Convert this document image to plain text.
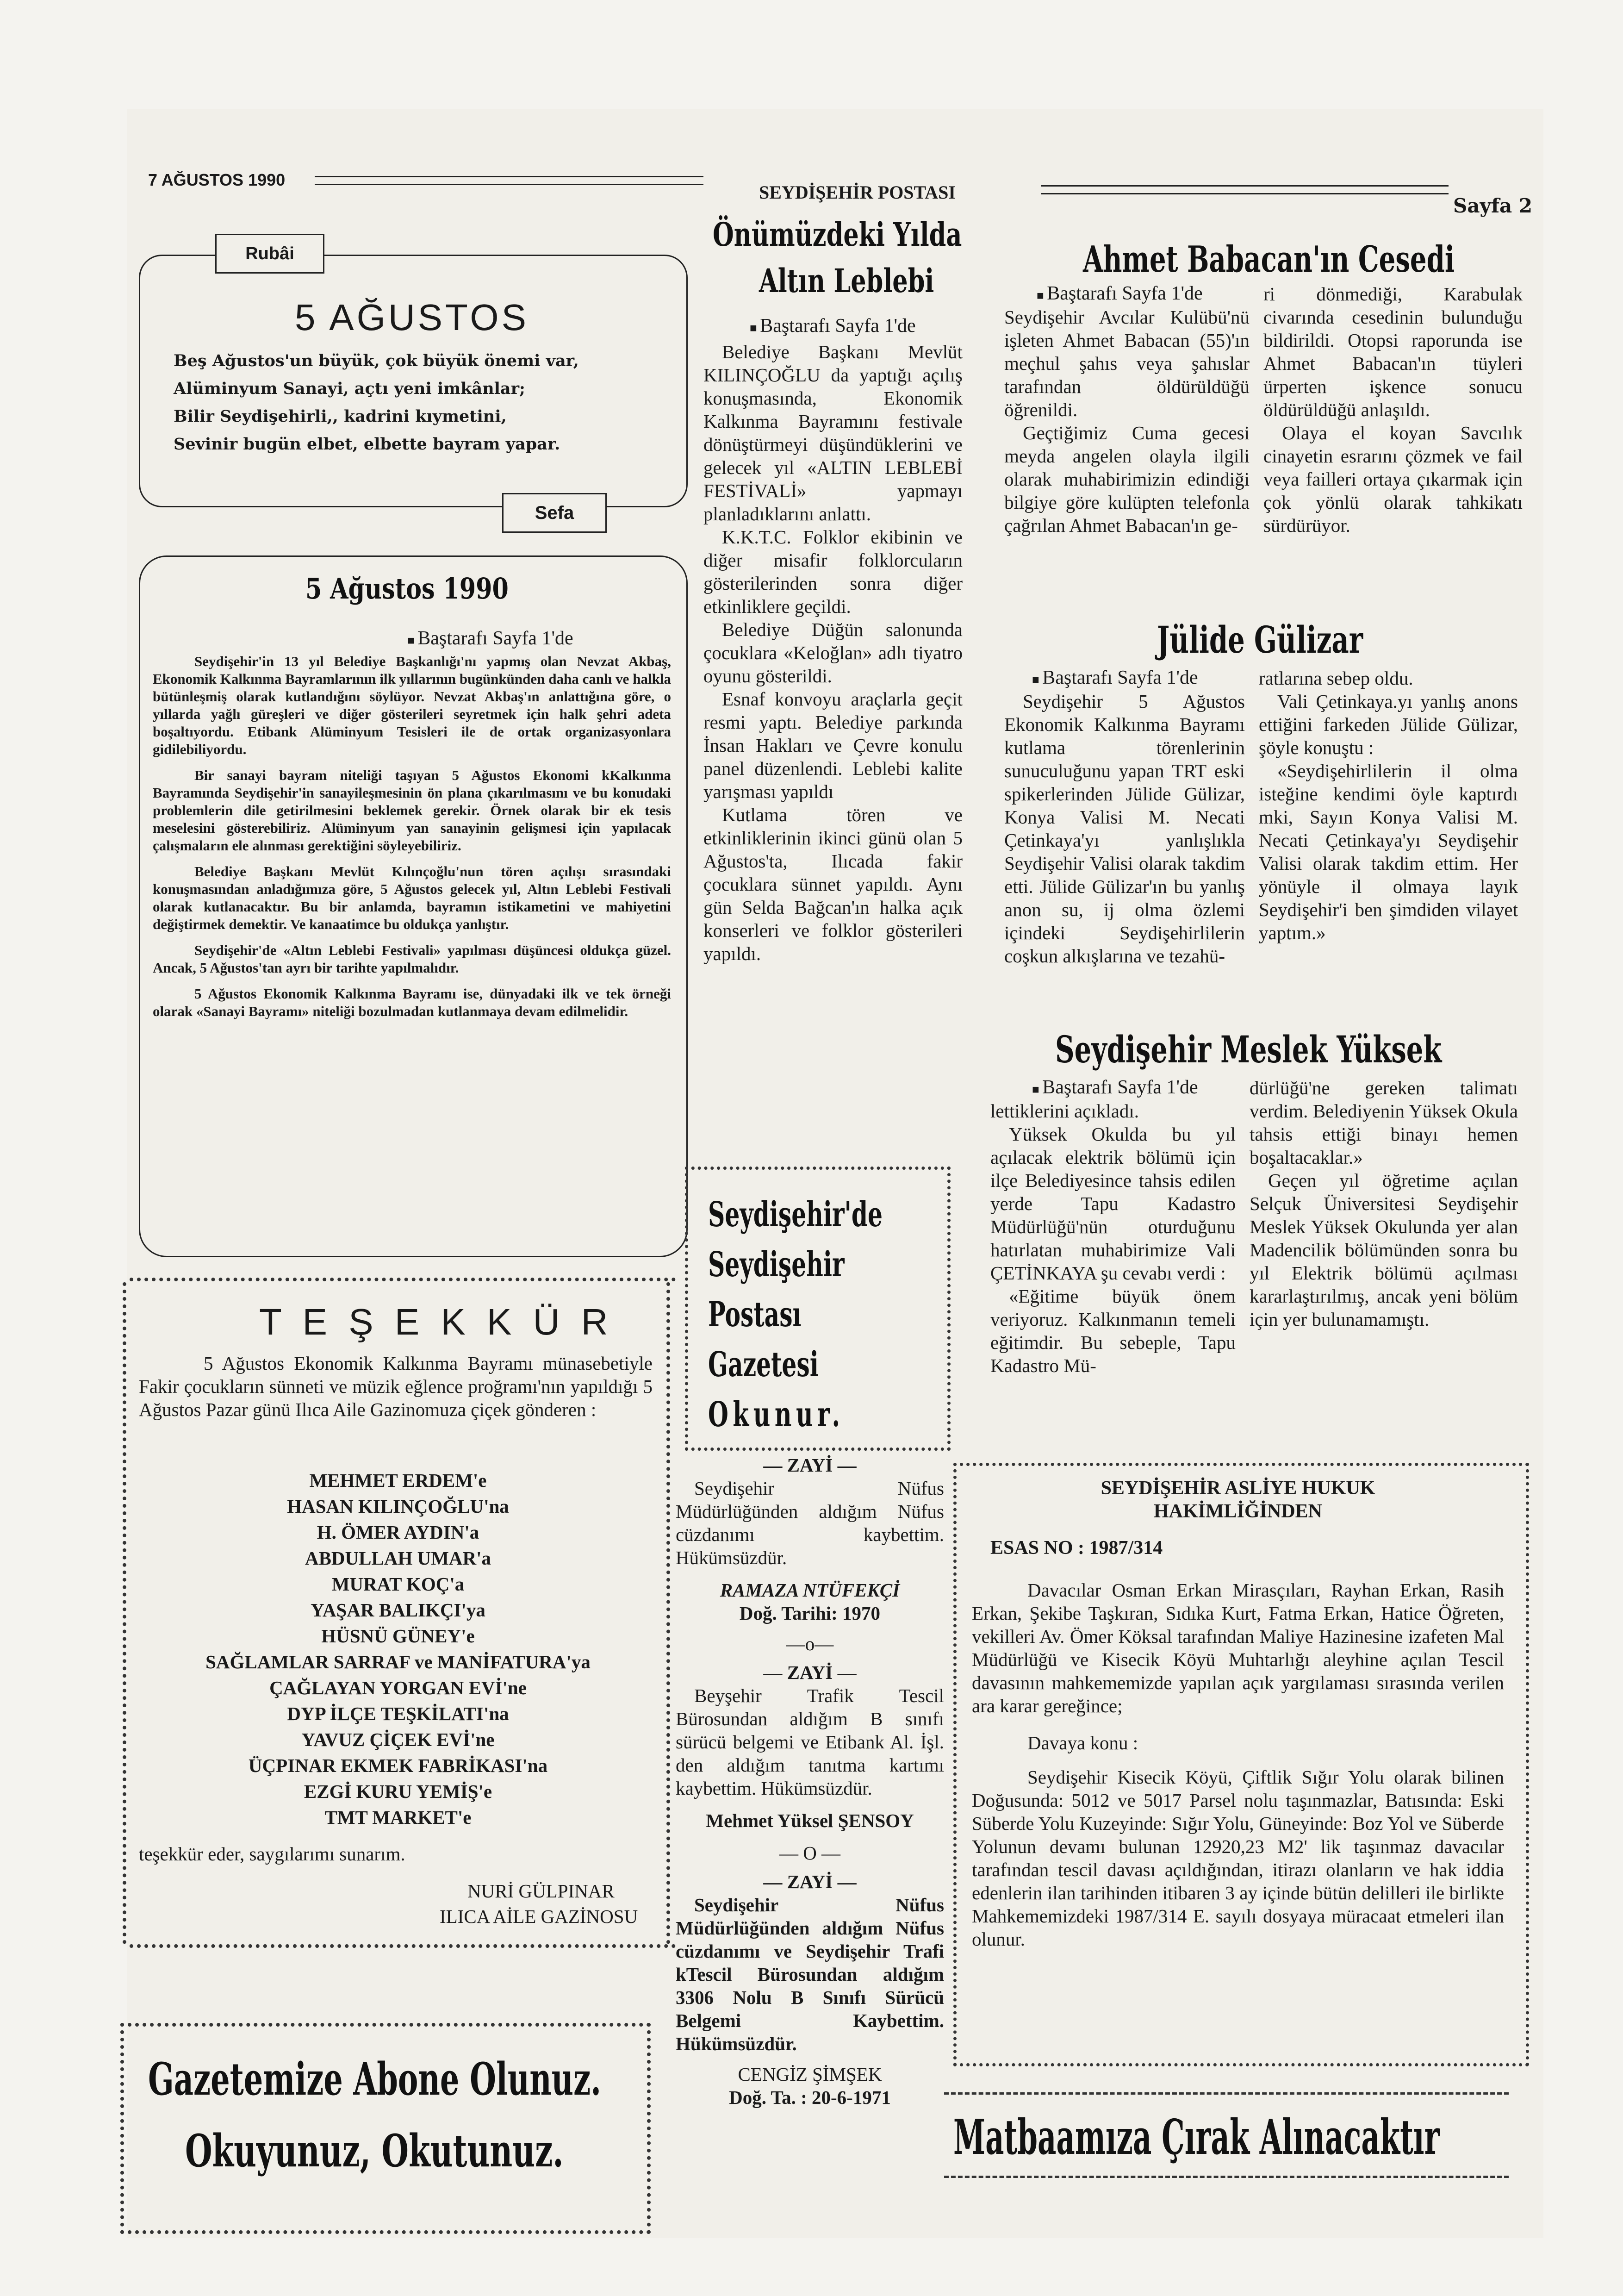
7 AĞUSTOS 1990
SEYDİŞEHİR POSTASI
Sayfa 2
Rubâi
5 AĞUSTOS
Beş Ağustos'un büyük, çok büyük önemi var,
Alüminyum Sanayi, açtı yeni imkânlar;
Bilir Seydişehirli,, kadrini kıymetini,
Sevinir bugün elbet, elbette bayram yapar.
Sefa
5 Ağustos 1990
■ Baştarafı Sayfa 1'de

Seydişehir'in 13 yıl Belediye Başkanlığı'nı yapmış olan Nevzat Akbaş, Ekonomik Kalkınma Bayramlarının ilk yıllarının bugünkünden daha canlı ve halkla bütünleşmiş olarak kutlandığını söylüyor. Nevzat Akbaş'ın anlattığına göre, o yıllarda yağlı güreşleri ve diğer gösterileri seyretmek için halk şehri adeta boşaltıyordu. Etibank Alüminyum Tesisleri ile de ortak organizasyonlara gidilebiliyordu.

Bir sanayi bayram niteliği taşıyan 5 Ağustos Ekonomi kKalkınma Bayramında Seydişehir'in sanayileşmesinin ön plana çıkarılmasını ve bu konudaki problemlerin dile getirilmesini beklemek gerekir. Örnek olarak bir ek tesis meselesini gösterebiliriz. Alüminyum yan sanayinin gelişmesi için yapılacak çalışmaların ele alınması gerektiğini söyleyebiliriz.

Belediye Başkanı Mevlüt Kılınçoğlu'nun tören açılışı sırasındaki konuşmasından anladığımıza göre, 5 Ağustos gelecek yıl, Altın Leblebi Festivali olarak kutlanacaktır. Bu bir anlamda, bayramın istikametini ve mahiyetini değiştirmek demektir. Ve kanaatimce bu oldukça yanlıştır.

Seydişehir'de «Altın Leblebi Festivali» yapılması düşüncesi oldukça güzel. Ancak, 5 Ağustos'tan ayrı bir tarihte yapılmalıdır.

5 Ağustos Ekonomik Kalkınma Bayramı ise, dünyadaki ilk ve tek örneği olarak «Sanayi Bayramı» niteliği bozulmadan kutlanmaya devam edilmelidir.

T E Ş E K K Ü R

5 Ağustos Ekonomik Kalkınma Bayramı münasebetiyle Fakir çocukların sünneti ve müzik eğlence proğramı'nın yapıldığı 5 Ağustos Pazar günü Ilıca Aile Gazinomuza çiçek gönderen :

MEHMET ERDEM'e

HASAN KILINÇOĞLU'na

H. ÖMER AYDIN'a

ABDULLAH UMAR'a

MURAT KOÇ'a

YAŞAR BALIKÇI'ya

HÜSNÜ GÜNEY'e

SAĞLAMLAR SARRAF ve MANİFATURA'ya

ÇAĞLAYAN YORGAN EVİ'ne

DYP İLÇE TEŞKİLATI'na

YAVUZ ÇİÇEK EVİ'ne

ÜÇPINAR EKMEK FABRİKASI'na

EZGİ KURU YEMİŞ'e

TMT MARKET'e

teşekkür eder, saygılarımı sunarım.
NURİ GÜLPINAR
ILICA AİLE GAZİNOSU
Gazetemize Abone Olunuz.
Okuyunuz, Okutunuz.
Önümüzdeki Yılda
Altın Leblebi
■ Baştarafı Sayfa 1'de

Belediye Başkanı Mevlüt KILINÇOĞLU da yaptığı açılış konuşmasında, Ekonomik Kalkınma Bayramını festivale dönüştürmeyi düşündüklerini ve gelecek yıl «ALTIN LEBLEBİ FESTİVALİ» yapmayı planladıklarını anlattı.

K.K.T.C. Folklor ekibinin ve diğer misafir folklorcuların gösterilerinden sonra diğer etkinliklere geçildi.

Belediye Düğün salonunda çocuklara «Keloğlan» adlı tiyatro oyunu gösterildi.

Esnaf konvoyu araçlarla geçit resmi yaptı. Belediye parkında İnsan Hakları ve Çevre konulu panel düzenlendi. Leblebi kalite yarışması yapıldı

Kutlama tören ve etkinliklerinin ikinci günü olan 5 Ağustos'ta, Ilıcada fakir çocuklara sünnet yapıldı. Aynı gün Selda Bağcan'ın halka açık konserleri ve folklor gösterileri yapıldı.

Seydişehir'de
Seydişehir
Postası
Gazetesi
Okunur.
— ZAYİ —

Seydişehir Nüfus Müdürlüğünden aldığım Nüfus cüzdanımı kaybettim. Hükümsüzdür.

RAMAZA NTÜFEKÇİ
Doğ. Tarihi: 1970
—o—
— ZAYİ —

Beyşehir Trafik Tescil Bürosundan aldığım B sınıfı sürücü belgemi ve Etibank Al. İşl. den aldığım tanıtma kartımı kaybettim. Hükümsüzdür.

Mehmet Yüksel ŞENSOY
— O —
— ZAYİ —

Seydişehir Nüfus Müdürlüğünden aldığım Nüfus cüzdanımı ve Seydişehir Trafi kTescil Bürosundan aldığım 3306 Nolu B Sınıfı Sürücü Belgemi Kaybettim. Hükümsüzdür.

CENGİZ ŞİMŞEK
Doğ. Ta. : 20-6-1971
Ahmet Babacan'ın Cesedi
■ Baştarafı Sayfa 1'de

Seydişehir Avcılar Kulübü'nü işleten Ahmet Babacan (55)'ın meçhul şahıs veya şahıslar tarafından öldürüldüğü öğrenildi.

Geçtiğimiz Cuma gecesi meyda angelen olayla ilgili olarak muhabirimizin edindiği bilgiye göre kulüpten telefonla çağrılan Ahmet Babacan'ın ge-

ri dönmediği, Karabulak civarında cesedinin bulunduğu bildirildi. Otopsi raporunda ise Ahmet Babacan'ın tüyleri ürperten işkence sonucu öldürüldüğü anlaşıldı.

Olaya el koyan Savcılık cinayetin esrarını çözmek ve fail veya failleri ortaya çıkarmak için çok yönlü olarak tahkikatı sürdürüyor.

Jülide Gülizar
■ Baştarafı Sayfa 1'de

Seydişehir 5 Ağustos Ekonomik Kalkınma Bayramı kutlama törenlerinin sunuculuğunu yapan TRT eski spikerlerinden Jülide Gülizar, Konya Valisi M. Necati Çetinkaya'yı yanlışlıkla Seydişehir Valisi olarak takdim etti. Jülide Gülizar'ın bu yanlış anon su, ij olma özlemi içindeki Seydişehirlilerin coşkun alkışlarına ve tezahü-

ratlarına sebep oldu.

Vali Çetinkaya.yı yanlış anons ettiğini farkeden Jülide Gülizar, şöyle konuştu :

«Seydişehirlilerin il olma isteğine kendimi öyle kaptırdı mki, Sayın Konya Valisi M. Necati Çetinkaya'yı Seydişehir Valisi olarak takdim ettim. Her yönüyle il olmaya layık Seydişehir'i ben şimdiden vilayet yaptım.»

Seydişehir Meslek Yüksek
■ Baştarafı Sayfa 1'de

lettiklerini açıkladı.

Yüksek Okulda bu yıl açılacak elektrik bölümü için ilçe Belediyesince tahsis edilen yerde Tapu Kadastro Müdürlüğü'nün oturduğunu hatırlatan muhabirimize Vali ÇETİNKAYA şu cevabı verdi :

«Eğitime büyük önem veriyoruz. Kalkınmanın temeli eğitimdir. Bu sebeple, Tapu Kadastro Mü-

dürlüğü'ne gereken talimatı verdim. Belediyenin Yüksek Okula tahsis ettiği binayı hemen boşaltacaklar.»

Geçen yıl öğretime açılan Selçuk Üniversitesi Seydişehir Meslek Yüksek Okulunda yer alan Madencilik bölümünden sonra bu yıl Elektrik bölümü açılması kararlaştırılmış, ancak yeni bölüm için yer bulunamamıştı.

SEYDİŞEHİR ASLİYE HUKUK
HAKİMLİĞİNDEN
ESAS NO : 1987/314

Davacılar Osman Erkan Mirasçıları, Rayhan Erkan, Rasih Erkan, Şekibe Taşkıran, Sıdıka Kurt, Fatma Erkan, Hatice Öğreten, vekilleri Av. Ömer Köksal tarafından Maliye Hazinesine izafeten Mal Müdürlüğü ve Kisecik Köyü Muhtarlığı aleyhine açılan Tescil davasının mahkememizde yapılan açık yargılaması sırasında verilen ara karar gereğince;

Davaya konu :

Seydişehir Kisecik Köyü, Çiftlik Sığır Yolu olarak bilinen Doğusunda: 5012 ve 5017 Parsel nolu taşınmazlar, Batısında: Eski Süberde Yolu Kuzeyinde: Sığır Yolu, Güneyinde: Boz Yol ve Süberde Yolunun devamı bulunan 12920,23 M2' lik taşınmaz davacılar tarafından tescil davası açıldığından, itirazı olanların ve hak iddia edenlerin ilan tarihinden itibaren 3 ay içinde bütün delilleri ile birlikte Mahkememizdeki 1987/314 E. sayılı dosyaya müracaat etmeleri ilan olunur.

Matbaamıza Çırak Alınacaktır
